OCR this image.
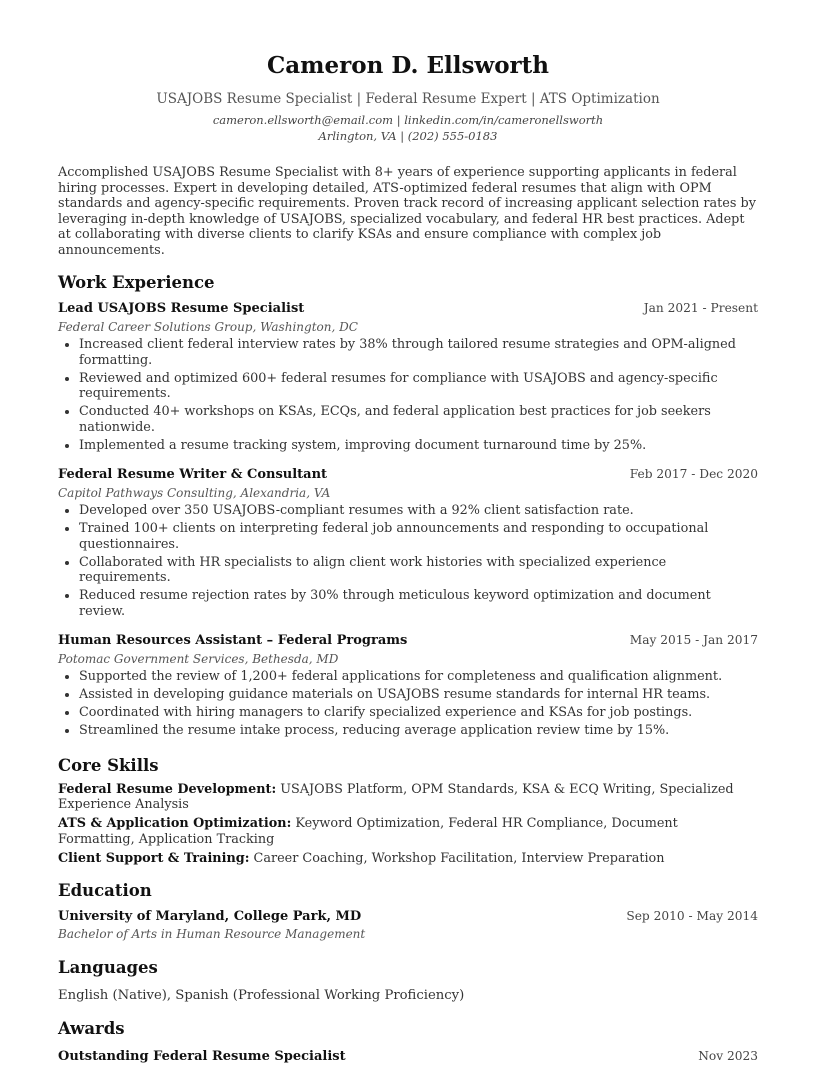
Cameron D. Ellsworth
USAJOBS Resume Specialist | Federal Resume Expert | ATS Optimization
cameron.ellsworth@email.com | linkedin.com/in/cameronellsworth
Arlington, VA | (202) 555-0183
Accomplished USAJOBS Resume Specialist with 8+ years of experience supporting applicants in federal hiring processes. Expert in developing detailed, ATS-optimized federal resumes that align with OPM standards and agency-specific requirements. Proven track record of increasing applicant selection rates by leveraging in-depth knowledge of USAJOBS, specialized vocabulary, and federal HR best practices. Adept at collaborating with diverse clients to clarify KSAs and ensure compliance with complex job announcements.
Work Experience
Lead USAJOBS Resume Specialist	Jan 2021 - Present
Federal Career Solutions Group, Washington, DC
• Increased client federal interview rates by 38% through tailored resume strategies and OPM-aligned formatting.
• Reviewed and optimized 600+ federal resumes for compliance with USAJOBS and agency-specific requirements.
• Conducted 40+ workshops on KSAs, ECQs, and federal application best practices for job seekers nationwide.
• Implemented a resume tracking system, improving document turnaround time by 25%.
Federal Resume Writer & Consultant	Feb 2017 - Dec 2020
Capitol Pathways Consulting, Alexandria, VA
• Developed over 350 USAJOBS-compliant resumes with a 92% client satisfaction rate.
• Trained 100+ clients on interpreting federal job announcements and responding to occupational questionnaires.
• Collaborated with HR specialists to align client work histories with specialized experience requirements.
• Reduced resume rejection rates by 30% through meticulous keyword optimization and document review.
Human Resources Assistant – Federal Programs	May 2015 - Jan 2017
Potomac Government Services, Bethesda, MD
• Supported the review of 1,200+ federal applications for completeness and qualification alignment.
• Assisted in developing guidance materials on USAJOBS resume standards for internal HR teams.
• Coordinated with hiring managers to clarify specialized experience and KSAs for job postings.
• Streamlined the resume intake process, reducing average application review time by 15%.
Core Skills
Federal Resume Development: USAJOBS Platform, OPM Standards, KSA & ECQ Writing, Specialized Experience Analysis
ATS & Application Optimization: Keyword Optimization, Federal HR Compliance, Document Formatting, Application Tracking
Client Support & Training: Career Coaching, Workshop Facilitation, Interview Preparation
Education
University of Maryland, College Park, MD	Sep 2010 - May 2014
Bachelor of Arts in Human Resource Management
Languages
English (Native), Spanish (Professional Working Proficiency)
Awards
Outstanding Federal Resume Specialist	Nov 2023
